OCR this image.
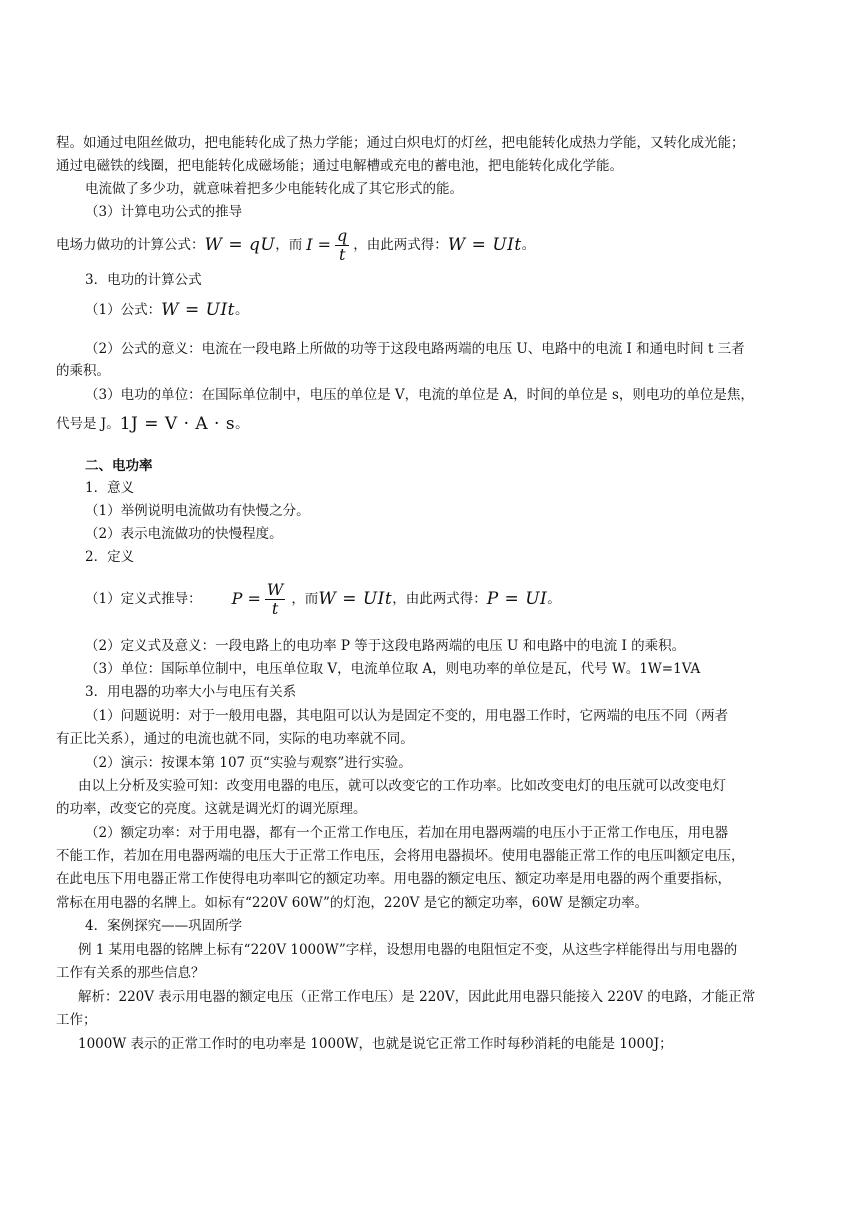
程。如通过电阻丝做功，把电能转化成了热力学能；通过白炽电灯的灯丝，把电能转化成热力学能，又转化成光能；
通过电磁铁的线圈，把电能转化成磁场能；通过电解槽或充电的蓄电池，把电能转化成化学能。
电流做了多少功，就意味着把多少电能转化成了其它形式的能。
（3）计算电功公式的推导
电场力做功的计算公式： W = qU ，而 $I = \frac{q}{t}$ ，由此两式得： W = UIt 。
3．电功的计算公式
（1）公式： W = UIt 。
（2）公式的意义：电流在一段电路上所做的功等于这段电路两端的电压 U、电路中的电流 I 和通电时间 t 三者
的乘积。
（3）电功的单位：在国际单位制中，电压的单位是 V，电流的单位是 A，时间的单位是 s，则电功的单位是焦，
代号是 J。 1J = V · A · s 。
二、电功率
1．意义
（1）举例说明电流做功有快慢之分。
（2）表示电流做功的快慢程度。
2．定义
（1）定义式推导： $P = \frac{W}{t}$ ，而 W = UIt ，由此两式得： P = UI 。
（2）定义式及意义：一段电路上的电功率 P 等于这段电路两端的电压 U 和电路中的电流 I 的乘积。
（3）单位：国际单位制中，电压单位取 V，电流单位取 A，则电功率的单位是瓦，代号 W。1W=1VA
3．用电器的功率大小与电压有关系
（1）问题说明：对于一般用电器，其电阻可以认为是固定不变的，用电器工作时，它两端的电压不同（两者
有正比关系），通过的电流也就不同，实际的电功率就不同。
（2）演示：按课本第 107 页“实验与观察”进行实验。
由以上分析及实验可知：改变用电器的电压，就可以改变它的工作功率。比如改变电灯的电压就可以改变电灯
的功率，改变它的亮度。这就是调光灯的调光原理。
（2）额定功率：对于用电器，都有一个正常工作电压，若加在用电器两端的电压小于正常工作电压，用电器
不能工作，若加在用电器两端的电压大于正常工作电压，会将用电器损坏。使用电器能正常工作的电压叫额定电压，
在此电压下用电器正常工作使得电功率叫它的额定功率。用电器的额定电压、额定功率是用电器的两个重要指标，
常标在用电器的名牌上。如标有“220V 60W”的灯泡，220V 是它的额定功率，60W 是额定功率。
4．案例探究——巩固所学
例 1 某用电器的铭牌上标有“220V 1000W”字样，设想用电器的电阻恒定不变，从这些字样能得出与用电器的
工作有关系的那些信息？
解析：220V 表示用电器的额定电压（正常工作电压）是 220V，因此此用电器只能接入 220V 的电路，才能正常
工作；
1000W 表示的正常工作时的电功率是 1000W，也就是说它正常工作时每秒消耗的电能是 1000J；
